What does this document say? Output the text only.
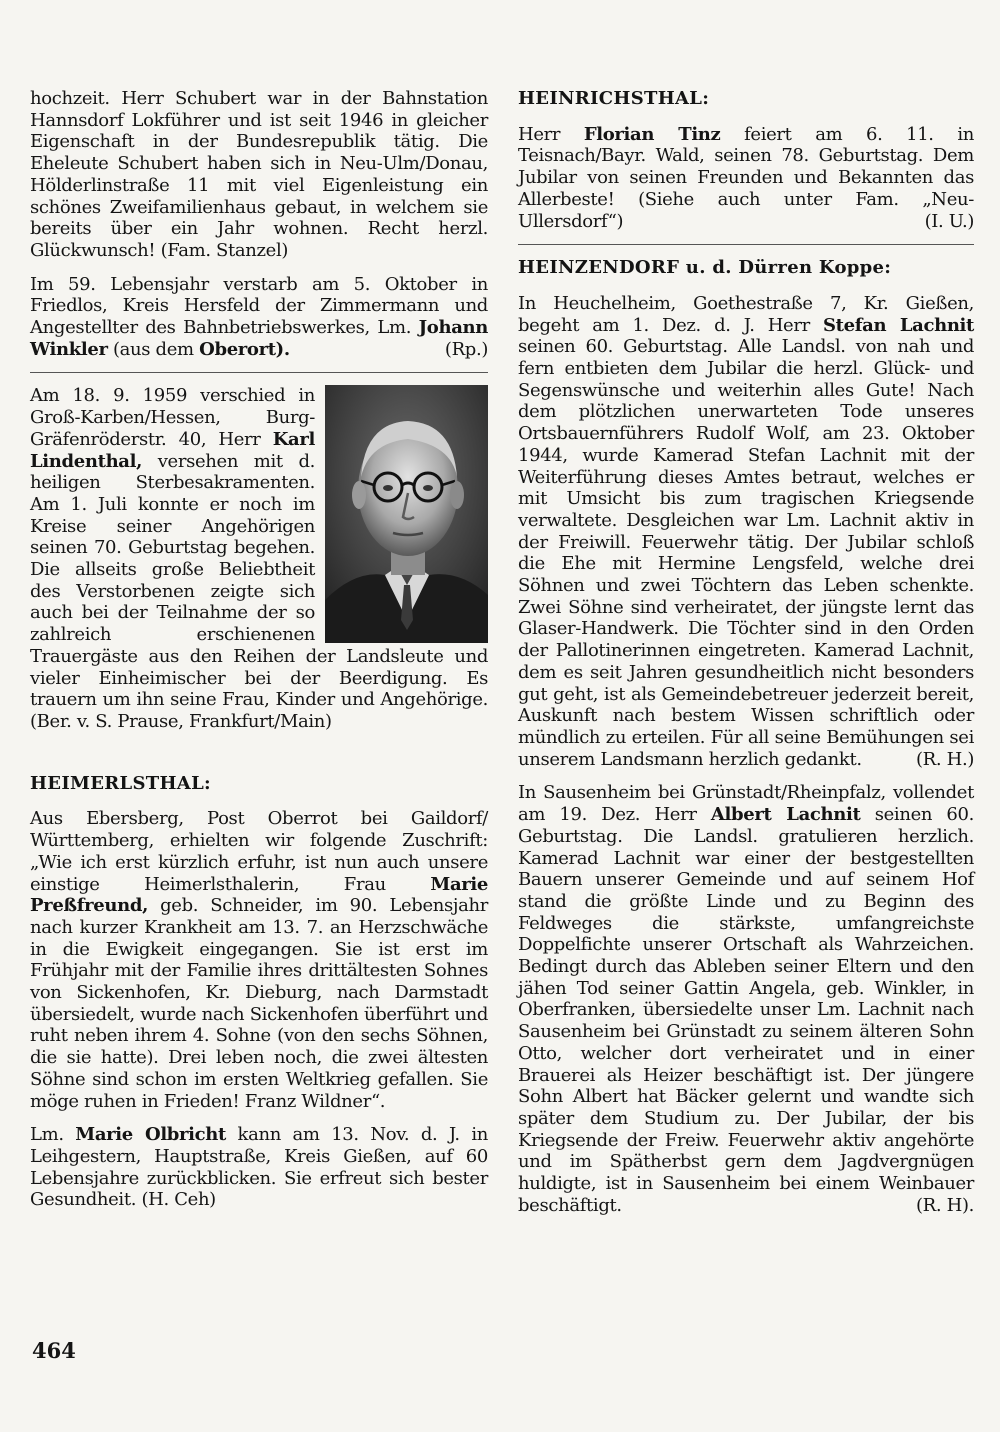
hochzeit. Herr Schubert war in der Bahnstation Hannsdorf Lokführer und ist seit 1946 in gleicher Eigenschaft in der Bundesrepublik tätig. Die Eheleute Schubert haben sich in Neu-Ulm/Donau, Hölderlinstraße 11 mit viel Eigenleistung ein schönes Zweifamilienhaus gebaut, in welchem sie bereits über ein Jahr wohnen. Recht herzl. Glückwunsch! (Fam. Stanzel)

Im 59. Lebensjahr verstarb am 5. Oktober in Friedlos, Kreis Hersfeld der Zimmermann und Angestellter des Bahnbetriebswerkes, Lm. Johann Winkler (aus dem Oberort).	(Rp.)

Am 18. 9. 1959 verschied in Groß-Karben/Hessen, Burg-Gräfenröderstr. 40, Herr Karl Lindenthal, versehen mit d. heiligen Sterbesakramenten. Am 1. Juli konnte er noch im Kreise seiner Angehörigen seinen 70. Geburtstag begehen. Die allseits große Beliebtheit des Verstorbenen zeigte sich auch bei der Teilnahme der so zahlreich erschienenen Trauergäste aus den Reihen der Landsleute und vieler Einheimischer bei der Beerdigung. Es trauern um ihn seine Frau, Kinder und Angehörige. (Ber. v. S. Prause, Frankfurt/Main)

HEIMERLSTHAL:

Aus Ebersberg, Post Oberrot bei Gaildorf/ Württemberg, erhielten wir folgende Zuschrift: „Wie ich erst kürzlich erfuhr, ist nun auch unsere einstige Heimerlsthalerin, Frau Marie Preßfreund, geb. Schneider, im 90. Lebensjahr nach kurzer Krankheit am 13. 7. an Herzschwäche in die Ewigkeit eingegangen. Sie ist erst im Frühjahr mit der Familie ihres drittältesten Sohnes von Sickenhofen, Kr. Dieburg, nach Darmstadt übersiedelt, wurde nach Sickenhofen überführt und ruht neben ihrem 4. Sohne (von den sechs Söhnen, die sie hatte). Drei leben noch, die zwei ältesten Söhne sind schon im ersten Weltkrieg gefallen. Sie möge ruhen in Frieden! Franz Wildner“.

Lm. Marie Olbricht kann am 13. Nov. d. J. in Leihgestern, Hauptstraße, Kreis Gießen, auf 60 Lebensjahre zurückblicken. Sie erfreut sich bester Gesundheit. (H. Ceh)

HEINRICHSTHAL:

Herr Florian Tinz feiert am 6. 11. in Teisnach/Bayr. Wald, seinen 78. Geburtstag. Dem Jubilar von seinen Freunden und Bekannten das Allerbeste! (Siehe auch unter Fam. „Neu-Ullersdorf“)	(I. U.)

HEINZENDORF u. d. Dürren Koppe:

In Heuchelheim, Goethestraße 7, Kr. Gießen, begeht am 1. Dez. d. J. Herr Stefan Lachnit seinen 60. Geburtstag. Alle Landsl. von nah und fern entbieten dem Jubilar die herzl. Glück- und Segenswünsche und weiterhin alles Gute! Nach dem plötzlichen unerwarteten Tode unseres Ortsbauernführers Rudolf Wolf, am 23. Oktober 1944, wurde Kamerad Stefan Lachnit mit der Weiterführung dieses Amtes betraut, welches er mit Umsicht bis zum tragischen Kriegsende verwaltete. Desgleichen war Lm. Lachnit aktiv in der Freiwill. Feuerwehr tätig. Der Jubilar schloß die Ehe mit Hermine Lengsfeld, welche drei Söhnen und zwei Töchtern das Leben schenkte. Zwei Söhne sind verheiratet, der jüngste lernt das Glaser-Handwerk. Die Töchter sind in den Orden der Pallotinerinnen eingetreten. Kamerad Lachnit, dem es seit Jahren gesundheitlich nicht besonders gut geht, ist als Gemeindebetreuer jederzeit bereit, Auskunft nach bestem Wissen schriftlich oder mündlich zu erteilen. Für all seine Bemühungen sei unserem Landsmann herzlich gedankt.	(R. H.)

In Sausenheim bei Grünstadt/Rheinpfalz, vollendet am 19. Dez. Herr Albert Lachnit seinen 60. Geburtstag. Die Landsl. gratulieren herzlich. Kamerad Lachnit war einer der bestgestellten Bauern unserer Gemeinde und auf seinem Hof stand die größte Linde und zu Beginn des Feldweges die stärkste, umfangreichste Doppelfichte unserer Ortschaft als Wahrzeichen. Bedingt durch das Ableben seiner Eltern und den jähen Tod seiner Gattin Angela, geb. Winkler, in Oberfranken, übersiedelte unser Lm. Lachnit nach Sausenheim bei Grünstadt zu seinem älteren Sohn Otto, welcher dort verheiratet und in einer Brauerei als Heizer beschäftigt ist. Der jüngere Sohn Albert hat Bäcker gelernt und wandte sich später dem Studium zu. Der Jubilar, der bis Kriegsende der Freiw. Feuerwehr aktiv angehörte und im Spätherbst gern dem Jagdvergnügen huldigte, ist in Sausenheim bei einem Weinbauer beschäftigt.	(R. H).

464
